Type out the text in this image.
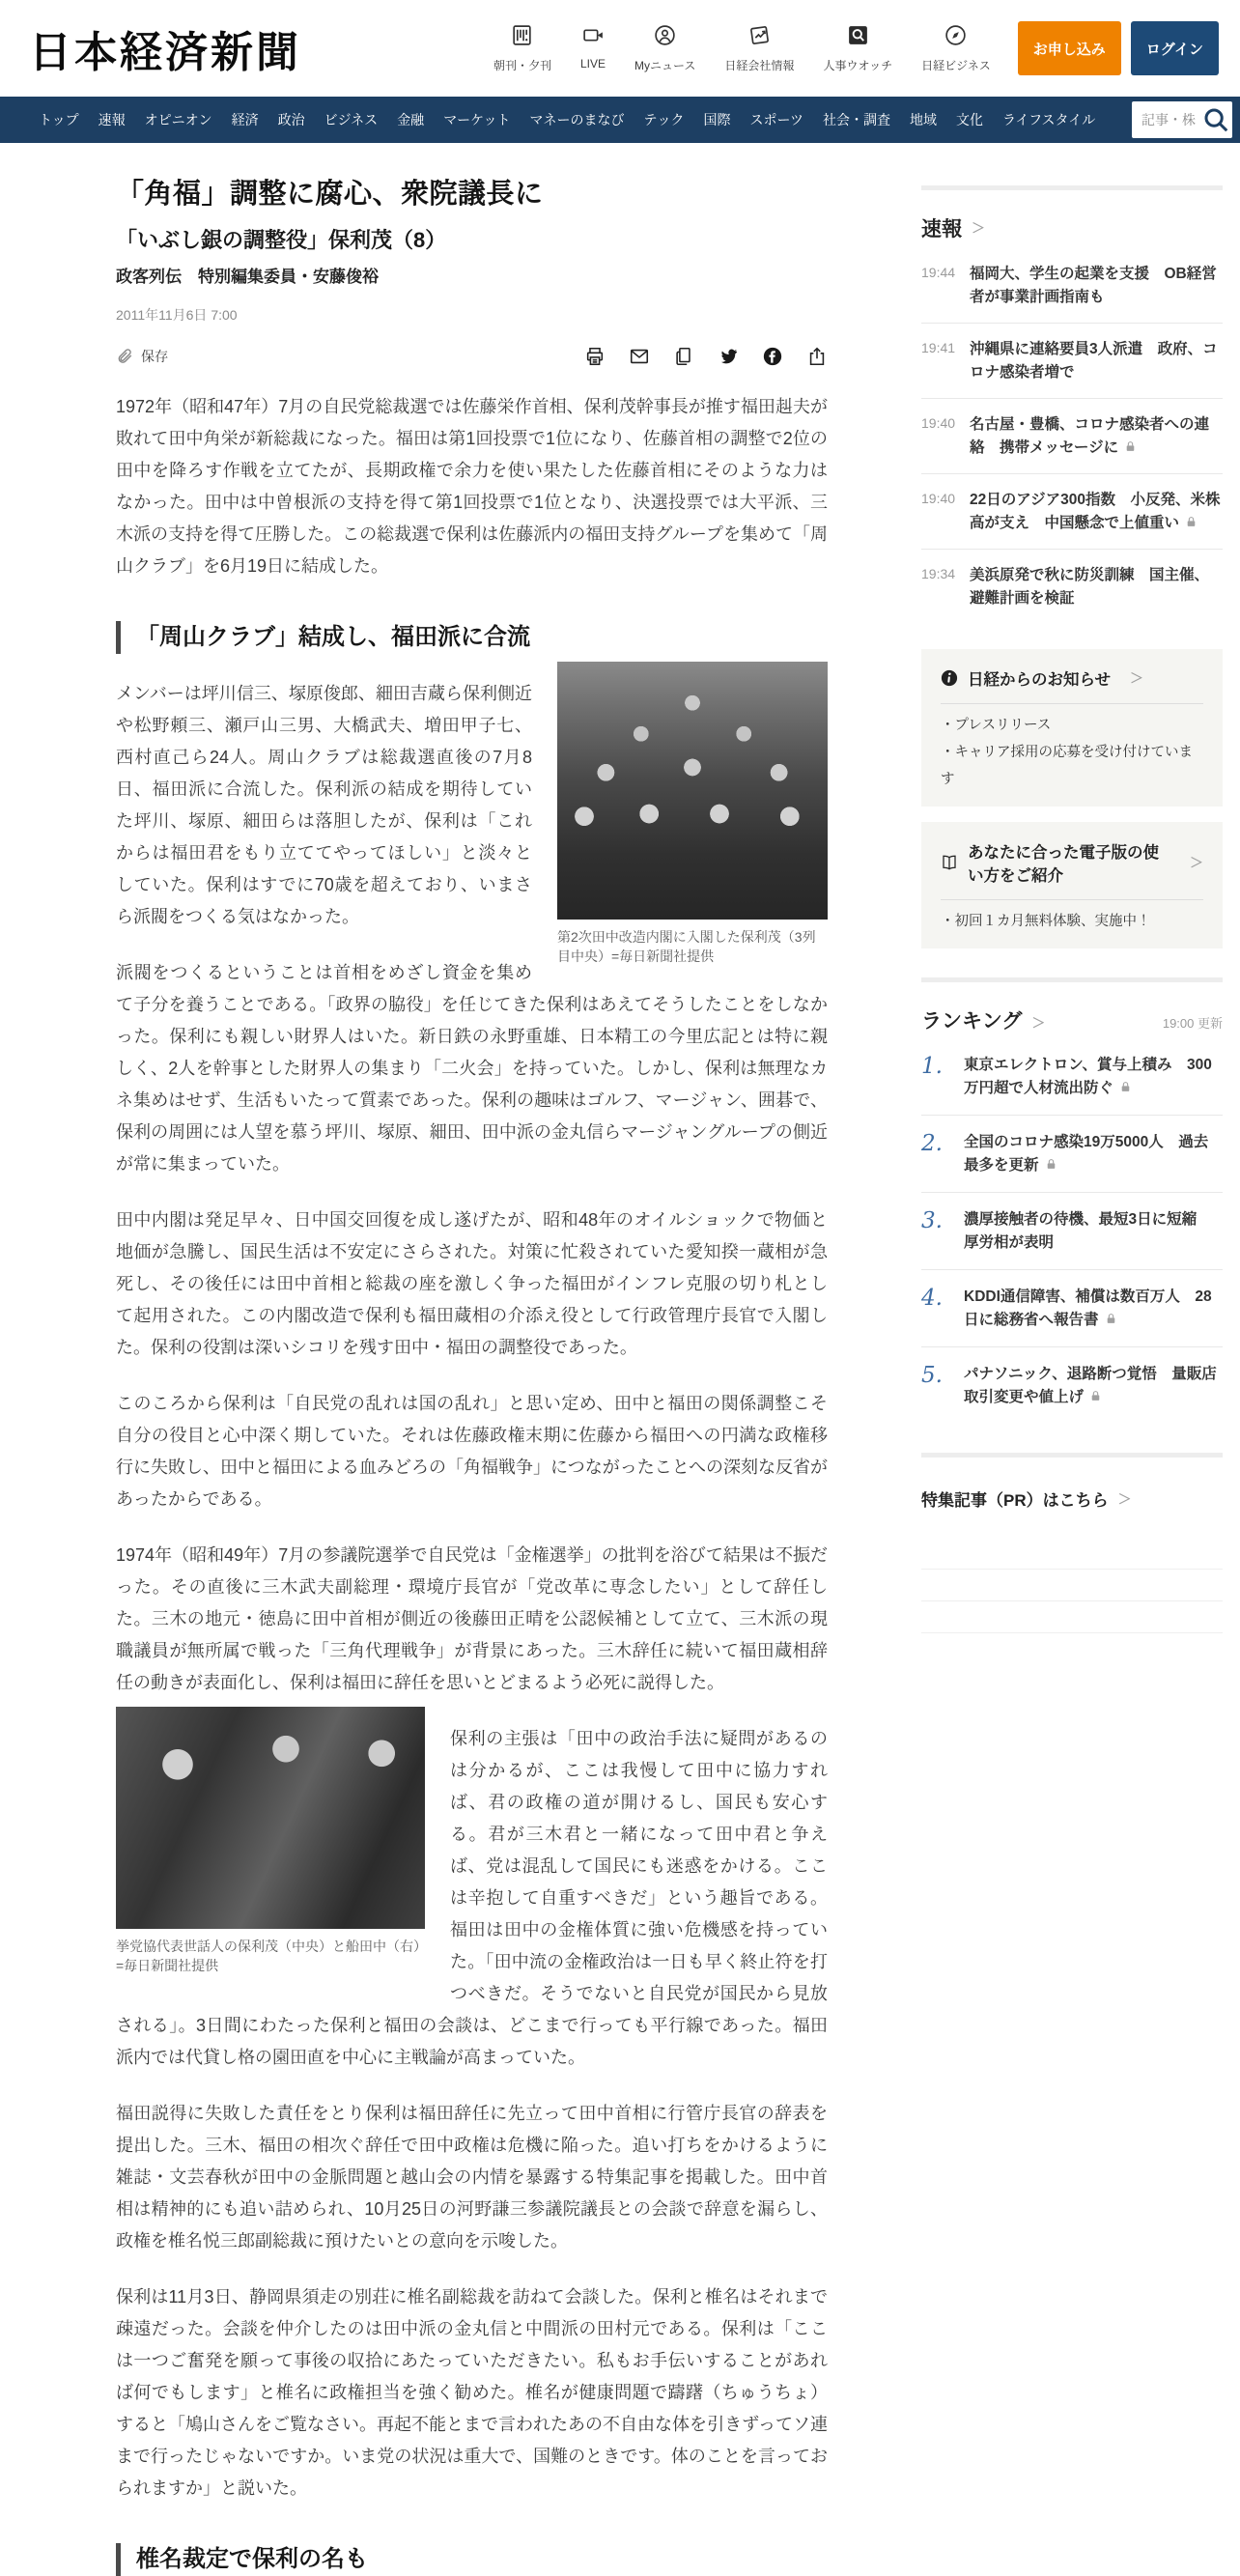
日本経済新聞	朝刊・夕刊	LIVE	Myニュース	日経会社情報	人事ウオッチ	日経ビジネス
お申し込み	ログイン
トップ	速報	オピニオン	経済	政治	ビジネス	金融	マーケット	マネーのまなび	テック	国際	スポーツ	社会・調査	地域	文化	ライフスタイル
記事・株
「角福」調整に腐心、衆院議長に
「いぶし銀の調整役」保利茂（8）
政客列伝　特別編集委員・安藤俊裕
2011年11月6日 7:00
保存

1972年（昭和47年）7月の自民党総裁選では佐藤栄作首相、保利茂幹事長が推す福田赳夫が敗れて田中角栄が新総裁になった。福田は第1回投票で1位になり、佐藤首相の調整で2位の田中を降ろす作戦を立てたが、長期政権で余力を使い果たした佐藤首相にそのような力はなかった。田中は中曽根派の支持を得て第1回投票で1位となり、決選投票では大平派、三木派の支持を得て圧勝した。この総裁選で保利は佐藤派内の福田支持グループを集めて「周山クラブ」を6月19日に結成した。

「周山クラブ」結成し、福田派に合流
第2次田中改造内閣に入閣した保利茂（3列目中央）=毎日新聞社提供

メンバーは坪川信三、塚原俊郎、細田吉蔵ら保利側近や松野頼三、瀬戸山三男、大橋武夫、増田甲子七、西村直己ら24人。周山クラブは総裁選直後の7月8日、福田派に合流した。保利派の結成を期待していた坪川、塚原、細田らは落胆したが、保利は「これからは福田君をもり立ててやってほしい」と淡々としていた。保利はすでに70歳を超えており、いまさら派閥をつくる気はなかった。

派閥をつくるということは首相をめざし資金を集めて子分を養うことである。「政界の脇役」を任じてきた保利はあえてそうしたことをしなかった。保利にも親しい財界人はいた。新日鉄の永野重雄、日本精工の今里広記とは特に親しく、2人を幹事とした財界人の集まり「二火会」を持っていた。しかし、保利は無理なカネ集めはせず、生活もいたって質素であった。保利の趣味はゴルフ、マージャン、囲碁で、保利の周囲には人望を慕う坪川、塚原、細田、田中派の金丸信らマージャングループの側近が常に集まっていた。

田中内閣は発足早々、日中国交回復を成し遂げたが、昭和48年のオイルショックで物価と地価が急騰し、国民生活は不安定にさらされた。対策に忙殺されていた愛知揆一蔵相が急死し、その後任には田中首相と総裁の座を激しく争った福田がインフレ克服の切り札として起用された。この内閣改造で保利も福田蔵相の介添え役として行政管理庁長官で入閣した。保利の役割は深いシコリを残す田中・福田の調整役であった。

このころから保利は「自民党の乱れは国の乱れ」と思い定め、田中と福田の関係調整こそ自分の役目と心中深く期していた。それは佐藤政権末期に佐藤から福田への円満な政権移行に失敗し、田中と福田による血みどろの「角福戦争」につながったことへの深刻な反省があったからである。

1974年（昭和49年）7月の参議院選挙で自民党は「金権選挙」の批判を浴びて結果は不振だった。その直後に三木武夫副総理・環境庁長官が「党改革に専念したい」として辞任した。三木の地元・徳島に田中首相が側近の後藤田正晴を公認候補として立て、三木派の現職議員が無所属で戦った「三角代理戦争」が背景にあった。三木辞任に続いて福田蔵相辞任の動きが表面化し、保利は福田に辞任を思いとどまるよう必死に説得した。

挙党協代表世話人の保利茂（中央）と船田中（右）=毎日新聞社提供

保利の主張は「田中の政治手法に疑問があるのは分かるが、ここは我慢して田中に協力すれば、君の政権の道が開けるし、国民も安心する。君が三木君と一緒になって田中君と争えば、党は混乱して国民にも迷惑をかける。ここは辛抱して自重すべきだ」という趣旨である。福田は田中の金権体質に強い危機感を持っていた。「田中流の金権政治は一日も早く終止符を打つべきだ。そうでないと自民党が国民から見放される」。3日間にわたった保利と福田の会談は、どこまで行っても平行線であった。福田派内では代貸し格の園田直を中心に主戦論が高まっていた。

福田説得に失敗した責任をとり保利は福田辞任に先立って田中首相に行管庁長官の辞表を提出した。三木、福田の相次ぐ辞任で田中政権は危機に陥った。追い打ちをかけるように雑誌・文芸春秋が田中の金脈問題と越山会の内情を暴露する特集記事を掲載した。田中首相は精神的にも追い詰められ、10月25日の河野謙三参議院議長との会談で辞意を漏らし、政権を椎名悦三郎副総裁に預けたいとの意向を示唆した。

保利は11月3日、静岡県須走の別荘に椎名副総裁を訪ねて会談した。保利と椎名はそれまで疎遠だった。会談を仲介したのは田中派の金丸信と中間派の田村元である。保利は「ここは一つご奮発を願って事後の収拾にあたっていただきたい。私もお手伝いすることがあれば何でもします」と椎名に政権担当を強く勧めた。椎名が健康問題で躊躇（ちゅうちょ）すると「鳩山さんをご覧なさい。再起不能とまで言われたあの不自由な体を引きずってソ連まで行ったじゃないですか。いま党の状況は重大で、国難のときです。体のことを言っておられますか」と説いた。

椎名裁定で保利の名も
速報 ＞
19:44 福岡大、学生の起業を支援　OB経営者が事業計画指南も
19:41 沖縄県に連絡要員3人派遣　政府、コロナ感染者増で
19:40 名古屋・豊橋、コロナ感染者への連絡　携帯メッセージに
19:40 22日のアジア300指数　小反発、米株高が支え　中国懸念で上値重い
19:34 美浜原発で秋に防災訓練　国主催、避難計画を検証
日経からのお知らせ ＞
・ プレスリリース
・ キャリア採用の応募を受け付けています
あなたに合った電子版の使い方をご紹介
＞
・ 初回１カ月無料体験、実施中！
ランキング ＞	19:00 更新
1.	東京エレクトロン、賞与上積み　300万円超で人材流出防ぐ
2.	全国のコロナ感染19万5000人　過去最多を更新
3.	濃厚接触者の待機、最短3日に短縮　厚労相が表明
4.	KDDI通信障害、補償は数百万人　28日に総務省へ報告書
5.	パナソニック、退路断つ覚悟　量販店取引変更や値上げ
特集記事（PR）はこちら ＞
